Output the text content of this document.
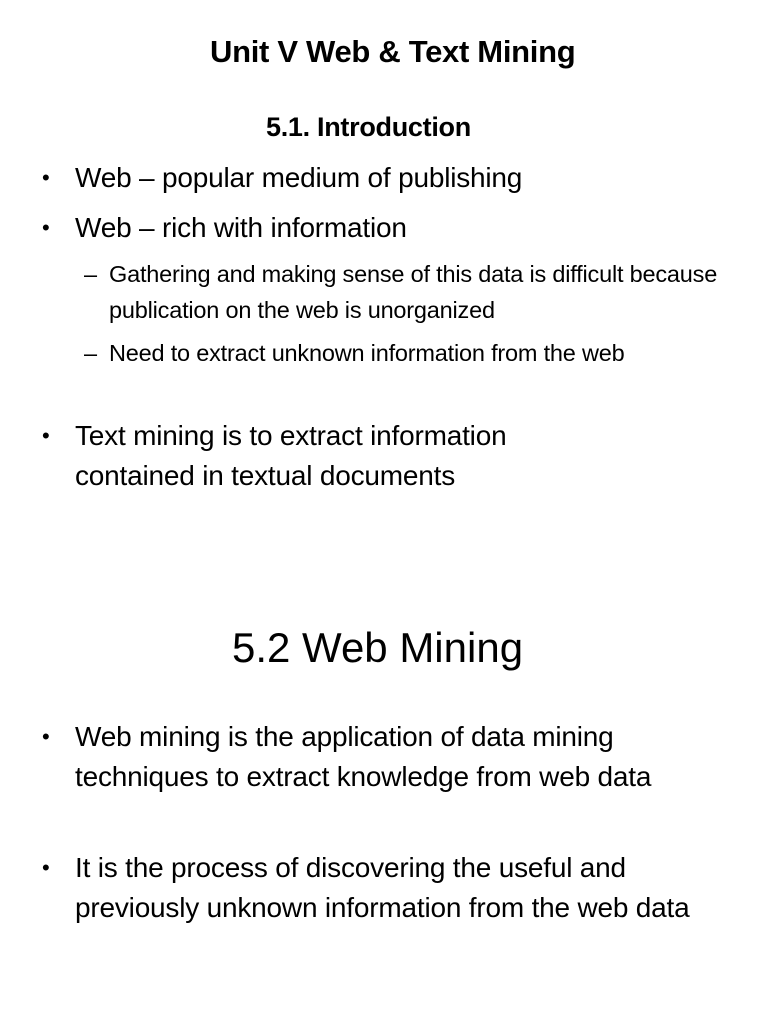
Unit V Web & Text Mining
5.1. Introduction
• Web – popular medium of publishing
• Web – rich with information
– Gathering and making sense of this data is difficult because publication on the web is unorganized
– Need to extract unknown information from the web
• Text mining is to extract information contained in textual documents
5.2 Web Mining
• Web mining is the application of data mining techniques to extract knowledge from web data
• It is the process of discovering the useful and previously unknown information from the web data
